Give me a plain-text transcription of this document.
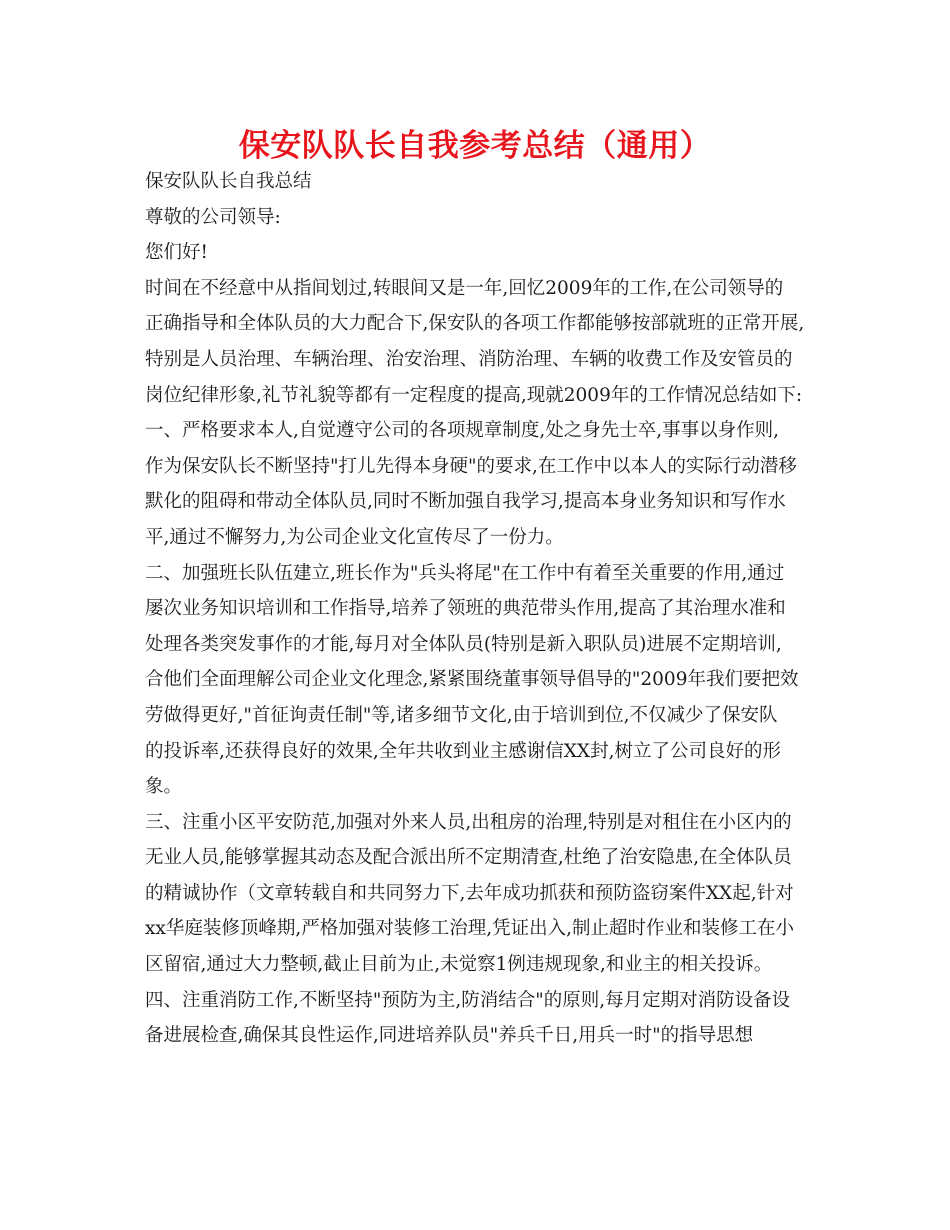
保安队队长自我参考总结（通用）
保安队队长自我总结
尊敬的公司领导:
您们好!
时间在不经意中从指间划过,转眼间又是一年,回忆2009年的工作,在公司领导的
正确指导和全体队员的大力配合下,保安队的各项工作都能够按部就班的正常开展,
特别是人员治理、车辆治理、治安治理、消防治理、车辆的收费工作及安管员的
岗位纪律形象,礼节礼貌等都有一定程度的提高,现就2009年的工作情况总结如下:
一、严格要求本人,自觉遵守公司的各项规章制度,处之身先士卒,事事以身作则,
作为保安队长不断坚持"打儿先得本身硬"的要求,在工作中以本人的实际行动潜移
默化的阻碍和带动全体队员,同时不断加强自我学习,提高本身业务知识和写作水
平,通过不懈努力,为公司企业文化宣传尽了一份力。
二、加强班长队伍建立,班长作为"兵头将尾"在工作中有着至关重要的作用,通过
屡次业务知识培训和工作指导,培养了领班的典范带头作用,提高了其治理水准和
处理各类突发事作的才能,每月对全体队员(特别是新入职队员)进展不定期培训,
合他们全面理解公司企业文化理念,紧紧围绕董事领导倡导的"2009年我们要把效
劳做得更好,"首征询责任制"等,诸多细节文化,由于培训到位,不仅减少了保安队
的投诉率,还获得良好的效果,全年共收到业主感谢信XX封,树立了公司良好的形
象。
三、注重小区平安防范,加强对外来人员,出租房的治理,特别是对租住在小区内的
无业人员,能够掌握其动态及配合派出所不定期清查,杜绝了治安隐患,在全体队员
的精诚协作（文章转载自和共同努力下,去年成功抓获和预防盗窃案件XX起,针对
xx华庭装修顶峰期,严格加强对装修工治理,凭证出入,制止超时作业和装修工在小
区留宿,通过大力整顿,截止目前为止,未觉察1例违规现象,和业主的相关投诉。
四、注重消防工作,不断坚持"预防为主,防消结合"的原则,每月定期对消防设备设
备进展检查,确保其良性运作,同进培养队员"养兵千日,用兵一时"的指导思想
